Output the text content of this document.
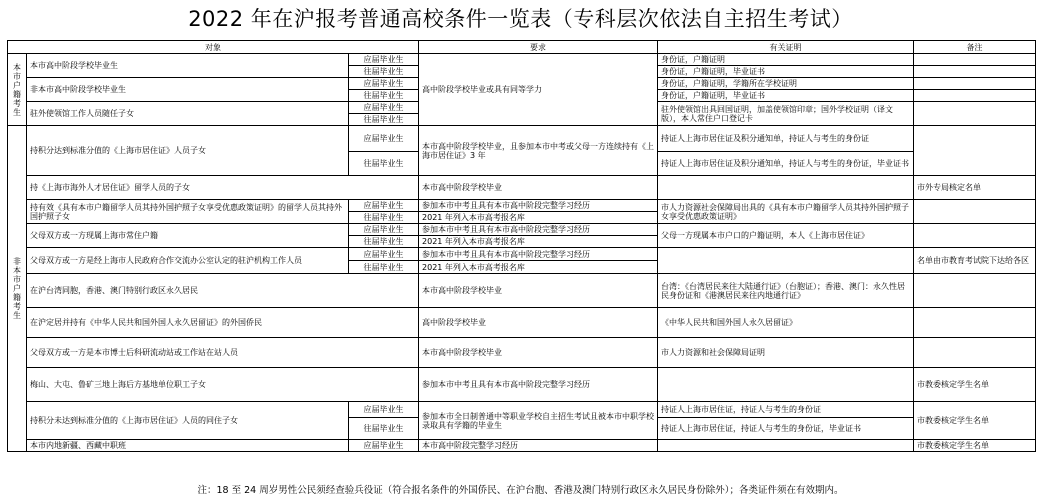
2022 年在沪报考普通高校条件一览表（专科层次依法自主招生考试）
对象			要求	有关证明	备注
本市户籍考生	本市高中阶段学校毕业生	应届毕业生	高中阶段学校毕业或具有同等学力	身份证，户籍证明	
		往届毕业生		身份证，户籍证明，毕业证书	
	非本市高中阶段学校毕业生	应届毕业生		身份证，户籍证明，学籍所在学校证明	
		往届毕业生		身份证，户籍证明，毕业证书	
	驻外使领馆工作人员随任子女	应届毕业生		驻外使领馆出具回国证明，加盖使领馆印章；国外学校证明（译文版），本人常住户口登记卡	
		往届毕业生			
非本市户籍考生	持积分达到标准分值的《上海市居住证》人员子女	应届毕业生	本市高中阶段学校毕业，且参加本市中考或父母一方连续持有《上海市居住证》3 年	持证人上海市居住证及积分通知单，持证人与考生的身份证	
		往届毕业生		持证人上海市居住证及积分通知单，持证人与考生的身份证，毕业证书	
	持《上海市海外人才居住证》留学人员的子女		本市高中阶段学校毕业		市外专局核定名单
	持有效《具有本市户籍留学人员其持外国护照子女享受优惠政策证明》的留学人员其持外国护照子女	应届毕业生	参加本市中考且具有本市高中阶段完整学习经历	市人力资源社会保障局出具的《具有本市户籍留学人员其持外国护照子女享受优惠政策证明》	
		往届毕业生	2021 年列入本市高考报名库		
	父母双方或一方现属上海市常住户籍	应届毕业生	参加本市中考且具有本市高中阶段完整学习经历	父母一方现属本市户口的户籍证明，本人《上海市居住证》	
		往届毕业生	2021 年列入本市高考报名库		
	父母双方或一方是经上海市人民政府合作交流办公室认定的驻沪机构工作人员	应届毕业生	参加本市中考且具有本市高中阶段完整学习经历		名单由市教育考试院下达给各区
		往届毕业生	2021 年列入本市高考报名库		
	在沪台湾同胞，香港、澳门特别行政区永久居民		本市高中阶段学校毕业	台湾：《台湾居民来往大陆通行证》（台胞证）；香港、澳门：永久性居民身份证和《港澳居民来往内地通行证》	
	在沪定居并持有《中华人民共和国外国人永久居留证》的外国侨民		高中阶段学校毕业	《中华人民共和国外国人永久居留证》	
	父母双方或一方是本市博士后科研流动站或工作站在站人员		本市高中阶段学校毕业	市人力资源和社会保障局证明	
	梅山、大屯、鲁矿三地上海后方基地单位职工子女		参加本市中考且具有本市高中阶段完整学习经历		市教委核定学生名单
	持积分未达到标准分值的《上海市居住证》人员的同住子女	应届毕业生	参加本市全日制普通中等职业学校自主招生考试且被本市中职学校录取具有学籍的毕业生	持证人上海市居住证，持证人与考生的身份证	市教委核定学生名单
		往届毕业生		持证人上海市居住证，持证人与考生的身份证，毕业证书	
	本市内地新疆、西藏中职班	应届毕业生	本市高中阶段完整学习经历		市教委核定学生名单
注：18 至 24 周岁男性公民须经查验兵役证（符合报名条件的外国侨民、在沪台胞、香港及澳门特别行政区永久居民身份除外）；各类证件须在有效期内。
